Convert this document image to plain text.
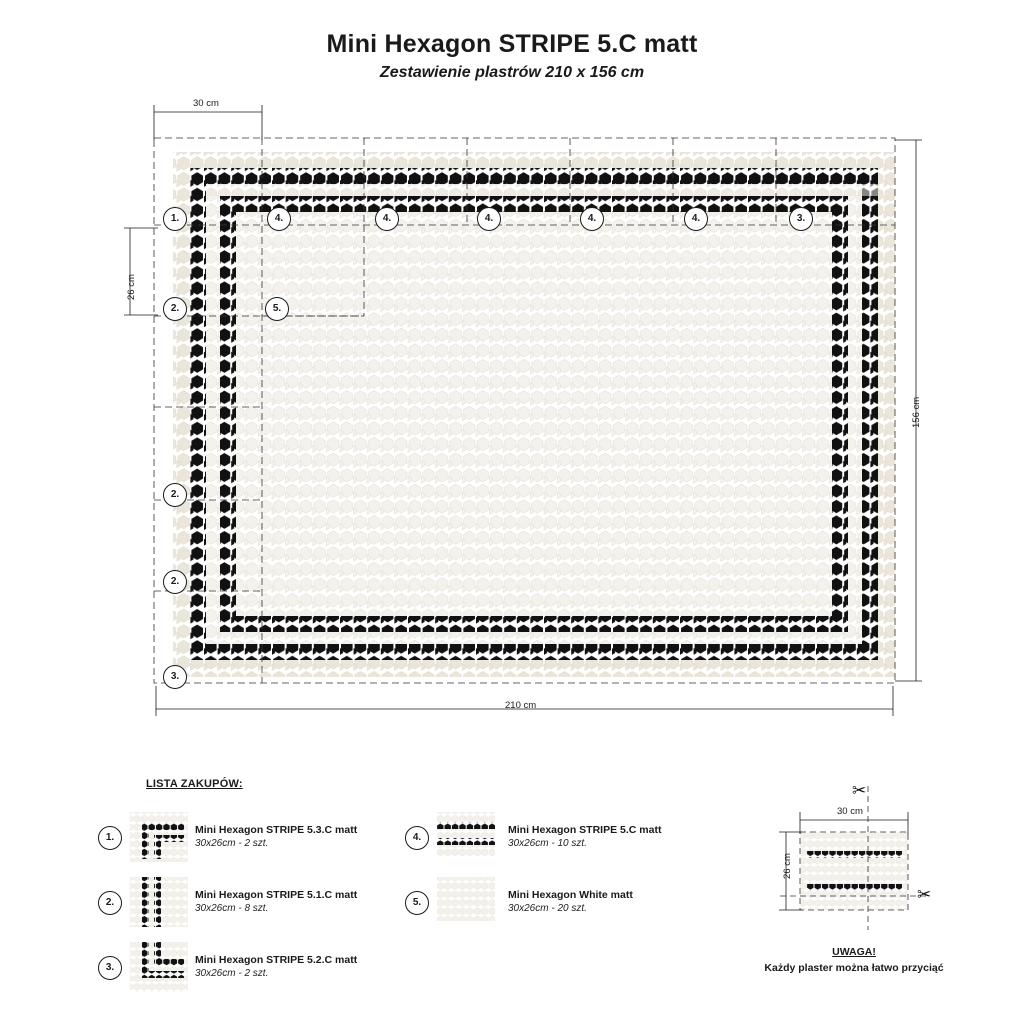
Mini Hexagon STRIPE 5.C matt
Zestawienie plastrów 210 x 156 cm
30 cm
26 cm
156 cm
210 cm
1.	4.	4.	4.	4.	4.	3.
2.	5.
2.
2.
3.
LISTA ZAKUPÓW:
1.
Mini Hexagon STRIPE 5.3.C matt
30x26cm - 2 szt.
2.
Mini Hexagon STRIPE 5.1.C matt
30x26cm - 8 szt.
3.
Mini Hexagon STRIPE 5.2.C matt
30x26cm - 2 szt.
4.
Mini Hexagon STRIPE 5.C matt
30x26cm - 10 szt.
5.
Mini Hexagon White matt
30x26cm - 20 szt.
30 cm
26 cm
✂
✂
UWAGA!
Każdy plaster można łatwo przyciąć
